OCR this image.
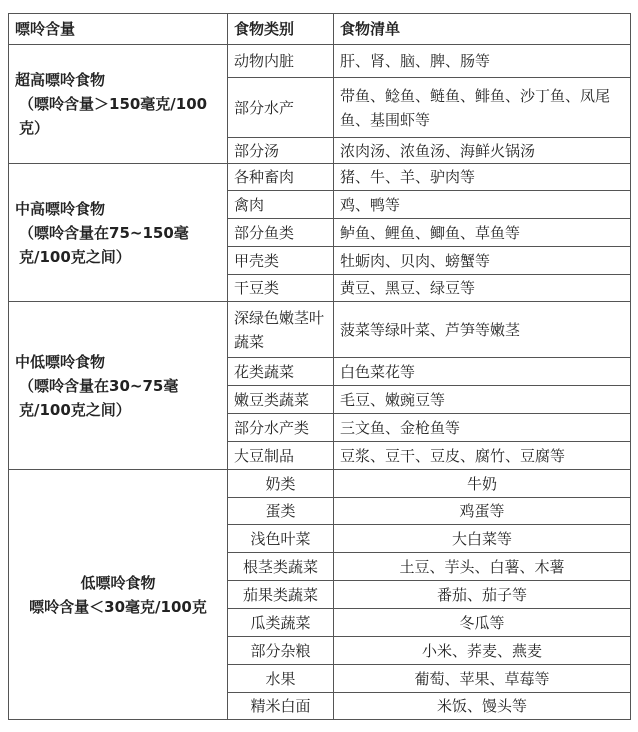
嘌呤含量	食物类别	食物清单
超高嘌呤食物
（嘌呤含量＞150毫克/100克）	动物内脏	肝、肾、脑、脾、肠等
	部分水产	带鱼、鲶鱼、鲢鱼、鲱鱼、沙丁鱼、凤尾鱼、基围虾等
	部分汤	浓肉汤、浓鱼汤、海鲜火锅汤
中高嘌呤食物
（嘌呤含量在75~150毫克/100克之间）	各种畜肉	猪、牛、羊、驴肉等
	禽肉	鸡、鸭等
	部分鱼类	鲈鱼、鲤鱼、鲫鱼、草鱼等
	甲壳类	牡蛎肉、贝肉、螃蟹等
	干豆类	黄豆、黑豆、绿豆等
中低嘌呤食物
（嘌呤含量在30~75毫克/100克之间）	深绿色嫩茎叶蔬菜	菠菜等绿叶菜、芦笋等嫩茎
	花类蔬菜	白色菜花等
	嫩豆类蔬菜	毛豆、嫩豌豆等
	部分水产类	三文鱼、金枪鱼等
	大豆制品	豆浆、豆干、豆皮、腐竹、豆腐等

低嘌呤食物
嘌呤含量＜30毫克/100克	奶类	牛奶
	蛋类	鸡蛋等
	浅色叶菜	大白菜等
	根茎类蔬菜	土豆、芋头、白薯、木薯
	茄果类蔬菜	番茄、茄子等
	瓜类蔬菜	冬瓜等
	部分杂粮	小米、荞麦、燕麦
	水果	葡萄、苹果、草莓等
	精米白面	米饭、馒头等
